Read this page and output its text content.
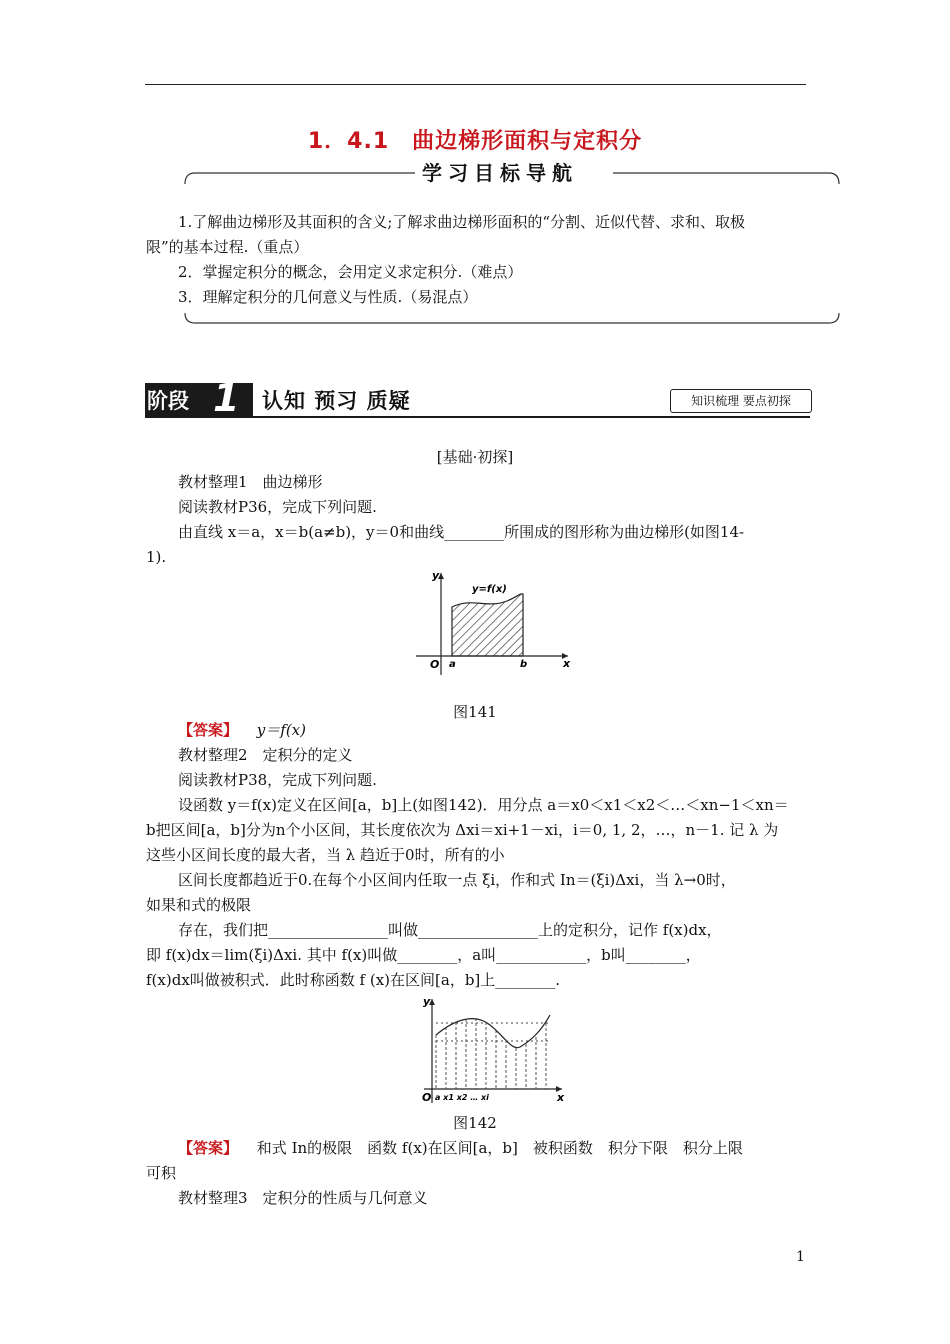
1．4.1　曲边梯形面积与定积分
学习目标导航
1.了解曲边梯形及其面积的含义;了解求曲边梯形面积的“分割、近似代替、求和、取极
限”的基本过程.（重点）
2．掌握定积分的概念，会用定义求定积分.（难点）
3．理解定积分的几何意义与性质.（易混点）
阶段 1 认知 预习 质疑	知识梳理 要点初探
[基础·初探]
教材整理1　曲边梯形
阅读教材P36，完成下列问题.
由直线 x＝a，x＝b(a≠b)，y＝0和曲线________所围成的图形称为曲边梯形(如图14-
1).
y
x
O a	b
y=f(x)
图141
【答案】 y＝f(x)
教材整理2　定积分的定义
阅读教材P38，完成下列问题.
设函数 y＝f(x)定义在区间[a，b]上(如图142)．用分点 a＝x0＜x1＜x2＜…＜xn−1＜xn＝
b把区间[a，b]分为n个小区间，其长度依次为 Δxi＝xi+1－xi，i＝0, 1, 2，…，n－1. 记 λ 为
这些小区间长度的最大者，当 λ 趋近于0时，所有的小
区间长度都趋近于0.在每个小区间内任取一点 ξi，作和式 In＝(ξi)Δxi，当 λ→0时，
如果和式的极限
存在，我们把________________叫做________________上的定积分，记作 f(x)dx，
即 f(x)dx＝lim(ξi)Δxi. 其中 f(x)叫做________，a叫____________，b叫________，
f(x)dx叫做被积式．此时称函数 f (x)在区间[a，b]上________.
y
x
O a x1 x2 … xi
图142
【答案】 和式 In的极限　函数 f(x)在区间[a，b]　被积函数　积分下限　积分上限
可积
教材整理3　定积分的性质与几何意义
1
